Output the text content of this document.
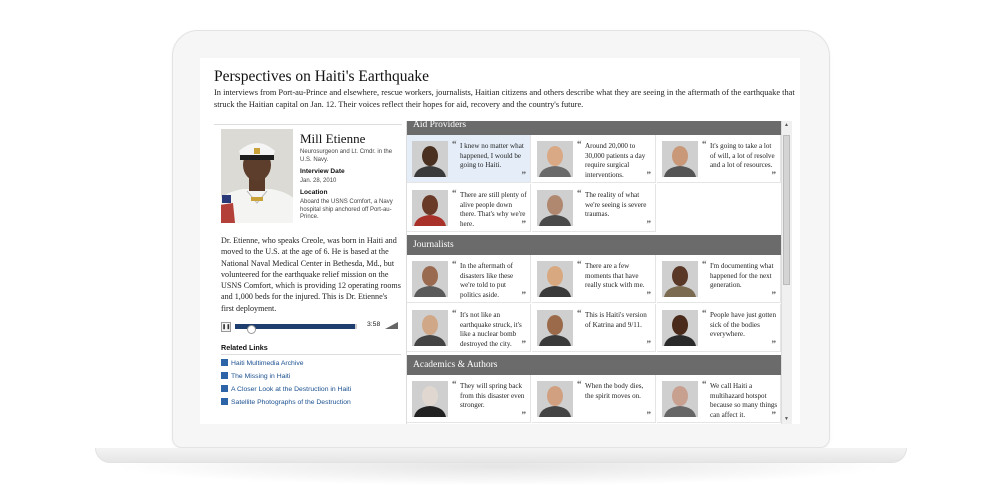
Perspectives on Haiti's Earthquake
In interviews from Port-au-Prince and elsewhere, rescue workers, journalists, Haitian citizens and others describe what they are seeing in the aftermath of the earthquake that struck the Haitian capital on Jan. 12. Their voices reflect their hopes for aid, recovery and the country's future.
Mill Etienne
Neurosurgeon and Lt. Cmdr. in the U.S. Navy.
Interview Date
Jan. 28, 2010
Location
Aboard the USNS Comfort, a Navy hospital ship anchored off Port-au-Prince.
Dr. Etienne, who speaks Creole, was born in Haiti and moved to the U.S. at the age of 6. He is based at the National Naval Medical Center in Bethesda, Md., but volunteered for the earthquake relief mission on the USNS Comfort, which is providing 12 operating rooms and 1,000 beds for the injured. This is Dr. Etienne's first deployment.
❚❚	3:58
Related Links
Haiti Multimedia Archive
The Missing in Haiti
A Closer Look at the Destruction in Haiti
Satellite Photographs of the Destruction
Aid Providers
“ I knew no matter what happened, I would be going to Haiti.
”
“ Around 20,000 to 30,000 patients a day require surgical interventions.	”
“ It's going to take a lot of will, a lot of resolve and a lot of resources.
”
“ There are still plenty of alive people down there. That's why we're here.	”
“ The reality of what we're seeing is severe traumas.
”
Journalists
“ In the aftermath of disasters like these we're told to put politics aside.	”
“ There are a few moments that have really stuck with me.
”
“ I'm documenting what happened for the next generation.
”
“ It's not like an earthquake struck, it's like a nuclear bomb destroyed the city.	”
“ This is Haiti's version of Katrina and 9/11.
”
“ People have just gotten sick of the bodies everywhere.
”
Academics & Authors
“ They will spring back from this disaster even stronger.
”
“ When the body dies, the spirit moves on.
”
“ We call Haiti a multihazard hotspot because so many things can affect it.	”
▲
▼
